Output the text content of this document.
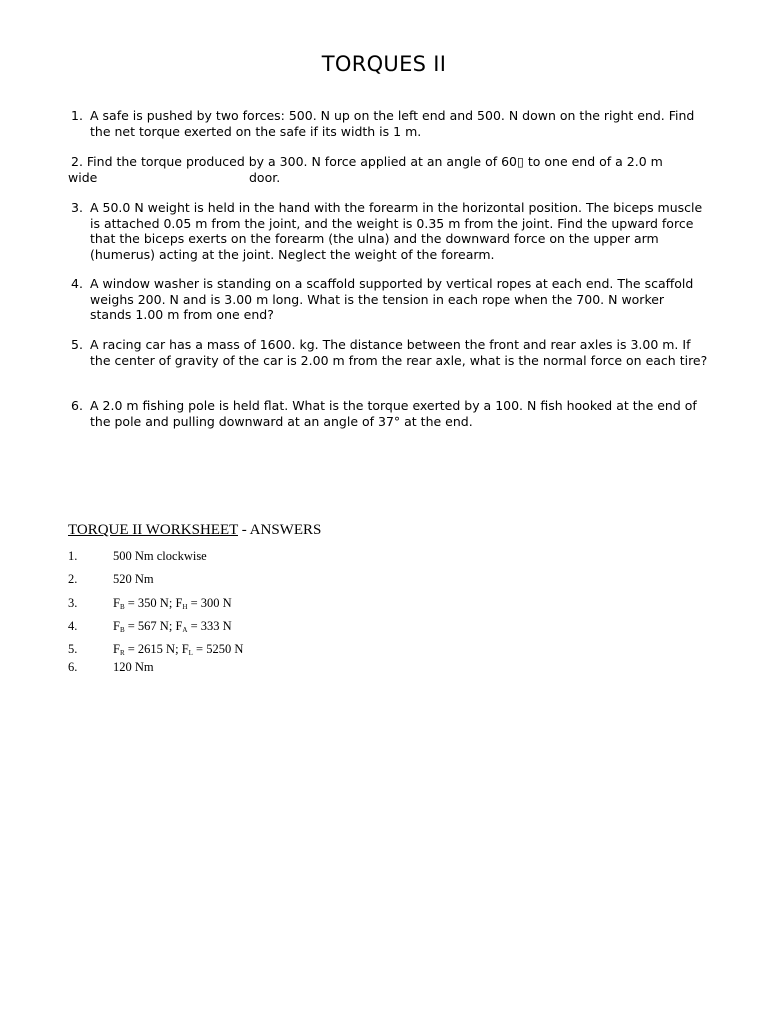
TORQUES II
1. A safe is pushed by two forces: 500. N up on the left end and 500. N down on the right end. Find the net torque exerted on the safe if its width is 1 m.
2. Find the torque produced by a 300. N force applied at an angle of 60▯ to one end of a 2.0 m
wide	door.
3. A 50.0 N weight is held in the hand with the forearm in the horizontal position. The biceps muscle is attached 0.05 m from the joint, and the weight is 0.35 m from the joint. Find the upward force that the biceps exerts on the forearm (the ulna) and the downward force on the upper arm (humerus) acting at the joint. Neglect the weight of the forearm.
4. A window washer is standing on a scaffold supported by vertical ropes at each end. The scaffold weighs 200. N and is 3.00 m long. What is the tension in each rope when the 700. N worker stands 1.00 m from one end?
5. A racing car has a mass of 1600. kg. The distance between the front and rear axles is 3.00 m. If the center of gravity of the car is 2.00 m from the rear axle, what is the normal force on each tire?
6. A 2.0 m fishing pole is held flat. What is the torque exerted by a 100. N fish hooked at the end of the pole and pulling downward at an angle of 37° at the end.
TORQUE II WORKSHEET - ANSWERS
1.	500 Nm clockwise
2.	520 Nm
3.	$F_B = 350$ N; $F_H = 300$ N
4.	$F_B = 567$ N; $F_A = 333$ N
5.	$F_R = 2615$ N; $F_L = 5250$ N
6.	120 Nm
